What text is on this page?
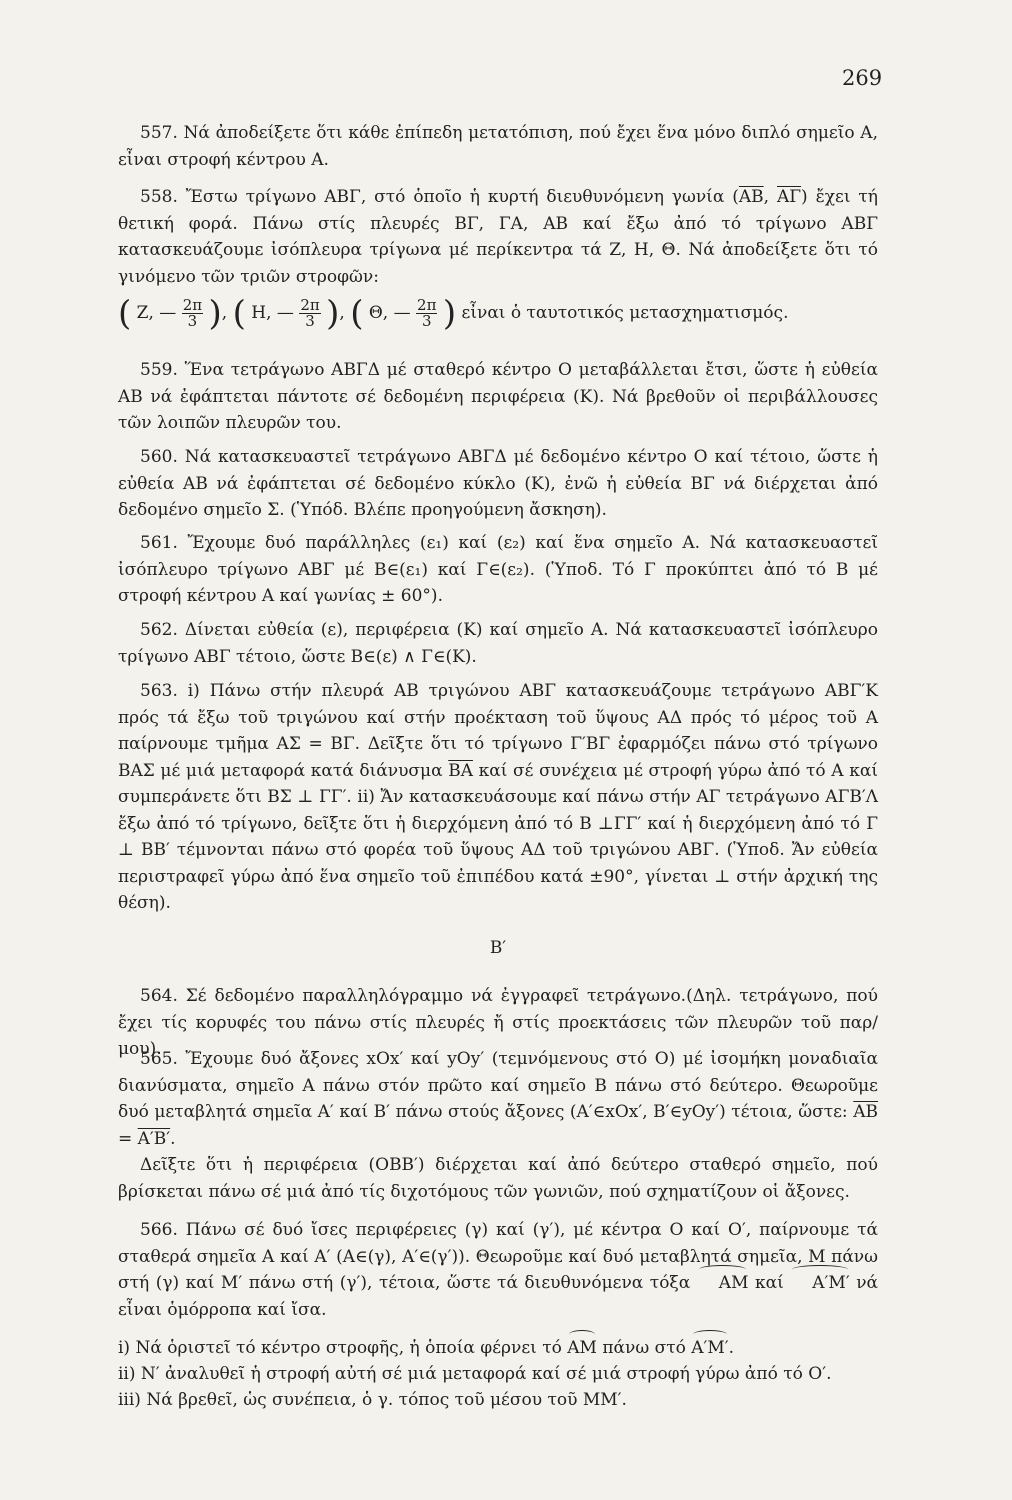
269

557. Νά ἀποδείξετε ὅτι κάθε ἐπίπεδη μετατόπιση, πού ἔχει ἕνα μόνο διπλό σημεῖο Α, εἶναι στροφή κέντρου Α.

558. Ἔστω τρίγωνο ΑΒΓ, στό ὁποῖο ἡ κυρτή διευθυνόμενη γωνία ($\overline{AB}$, $\overline{A\Gamma}$) ἔχει τή θετική φορά. Πάνω στίς πλευρές ΒΓ, ΓΑ, ΑΒ καί ἔξω ἀπό τό τρίγωνο ΑΒΓ κατασκευάζουμε ἰσόπλευρα τρίγωνα μέ περίκεντρα τά Ζ, Η, Θ. Νά ἀποδείξετε ὅτι τό γινόμενο τῶν τριῶν στροφῶν:

( Ζ, — $\frac{2\pi}{3}$ ), ( Η, — $\frac{2\pi}{3}$ ), ( Θ, — $\frac{2\pi}{3}$ ) εἶναι ὁ ταυτοτικός μετασχηματισμός.

559. Ἕνα τετράγωνο ΑΒΓΔ μέ σταθερό κέντρο Ο μεταβάλλεται ἔτσι, ὥστε ἡ εὐθεία ΑΒ νά ἐφάπτεται πάντοτε σέ δεδομένη περιφέρεια (Κ). Νά βρεθοῦν οἱ περιβάλλουσες τῶν λοιπῶν πλευρῶν του.

560. Νά κατασκευαστεῖ τετράγωνο ΑΒΓΔ μέ δεδομένο κέντρο Ο καί τέτοιο, ὥστε ἡ εὐθεία ΑΒ νά ἐφάπτεται σέ δεδομένο κύκλο (Κ), ἐνῶ ἡ εὐθεία ΒΓ νά διέρχεται ἀπό δεδομένο σημεῖο Σ. (Ὑπόδ. Βλέπε προηγούμενη ἄσκηση).

561. Ἔχουμε δυό παράλληλες (ε₁) καί (ε₂) καί ἕνα σημεῖο Α. Νά κατασκευαστεῖ ἰσόπλευρο τρίγωνο ΑΒΓ μέ Β∈(ε₁) καί Γ∈(ε₂). (Ὑποδ. Τό Γ προκύπτει ἀπό τό Β μέ στροφή κέντρου Α καί γωνίας ± 60°).

562. Δίνεται εὐθεία (ε), περιφέρεια (Κ) καί σημεῖο Α. Νά κατασκευαστεῖ ἰσόπλευρο τρίγωνο ΑΒΓ τέτοιο, ὥστε Β∈(ε) ∧ Γ∈(Κ).

563. i) Πάνω στήν πλευρά ΑΒ τριγώνου ΑΒΓ κατασκευάζουμε τετράγωνο ΑΒΓ′Κ πρός τά ἔξω τοῦ τριγώνου καί στήν προέκταση τοῦ ὕψους ΑΔ πρός τό μέρος τοῦ Α παίρνουμε τμῆμα ΑΣ = ΒΓ. Δεῖξτε ὅτι τό τρίγωνο Γ′ΒΓ ἐφαρμόζει πάνω στό τρίγωνο ΒΑΣ μέ μιά μεταφορά κατά διάνυσμα $\overline{BA}$ καί σέ συνέχεια μέ στροφή γύρω ἀπό τό Α καί συμπεράνετε ὅτι ΒΣ ⊥ ΓΓ′. ii) Ἄν κατασκευάσουμε καί πάνω στήν ΑΓ τετράγωνο ΑΓΒ′Λ ἔξω ἀπό τό τρίγωνο, δεῖξτε ὅτι ἡ διερχόμενη ἀπό τό Β ⊥ΓΓ′ καί ἡ διερχόμενη ἀπό τό Γ ⊥ ΒΒ′ τέμνονται πάνω στό φορέα τοῦ ὕψους ΑΔ τοῦ τριγώνου ΑΒΓ. (Ὑποδ. Ἄν εὐθεία περιστραφεῖ γύρω ἀπό ἕνα σημεῖο τοῦ ἐπιπέδου κατά ±90°, γίνεται ⊥ στήν ἀρχική της θέση).

Β′

564. Σέ δεδομένο παραλληλόγραμμο νά ἐγγραφεῖ τετράγωνο.(Δηλ. τετράγωνο, πού ἔχει τίς κορυφές του πάνω στίς πλευρές ἤ στίς προεκτάσεις τῶν πλευρῶν τοῦ παρ/μου).

565. Ἔχουμε δυό ἄξονες xOx′ καί yOy′ (τεμνόμενους στό Ο) μέ ἰσομήκη μοναδιαῖα διανύσματα, σημεῖο Α πάνω στόν πρῶτο καί σημεῖο Β πάνω στό δεύτερο. Θεωροῦμε δυό μεταβλητά σημεῖα Α′ καί Β′ πάνω στούς ἄξονες (Α′∈xOx′, Β′∈yOy′) τέτοια, ὥστε: $\overline{AB} = A'B'$.

Δεῖξτε ὅτι ἡ περιφέρεια (ΟΒΒ′) διέρχεται καί ἀπό δεύτερο σταθερό σημεῖο, πού βρίσκεται πάνω σέ μιά ἀπό τίς διχοτόμους τῶν γωνιῶν, πού σχηματίζουν οἱ ἄξονες.

566. Πάνω σέ δυό ἴσες περιφέρειες (γ) καί (γ′), μέ κέντρα Ο καί Ο′, παίρνουμε τά σταθερά σημεῖα Α καί Α′ (Α∈(γ), Α′∈(γ′)). Θεωροῦμε καί δυό μεταβλητά σημεῖα, Μ πάνω στή (γ) καί Μ′ πάνω στή (γ′), τέτοια, ὥστε τά διευθυνόμενα τόξα ΑΜ καί Α′Μ′ νά εἶναι ὁμόρροπα καί ἴσα.

i) Νά ὁριστεῖ τό κέντρο στροφῆς, ἡ ὁποία φέρνει τό ΑΜ πάνω στό Α′Μ′.
ii) Ν′ ἀναλυθεῖ ἡ στροφή αὐτή σέ μιά μεταφορά καί σέ μιά στροφή γύρω ἀπό τό Ο′.
iii) Νά βρεθεῖ, ὡς συνέπεια, ὁ γ. τόπος τοῦ μέσου τοῦ ΜΜ′.
